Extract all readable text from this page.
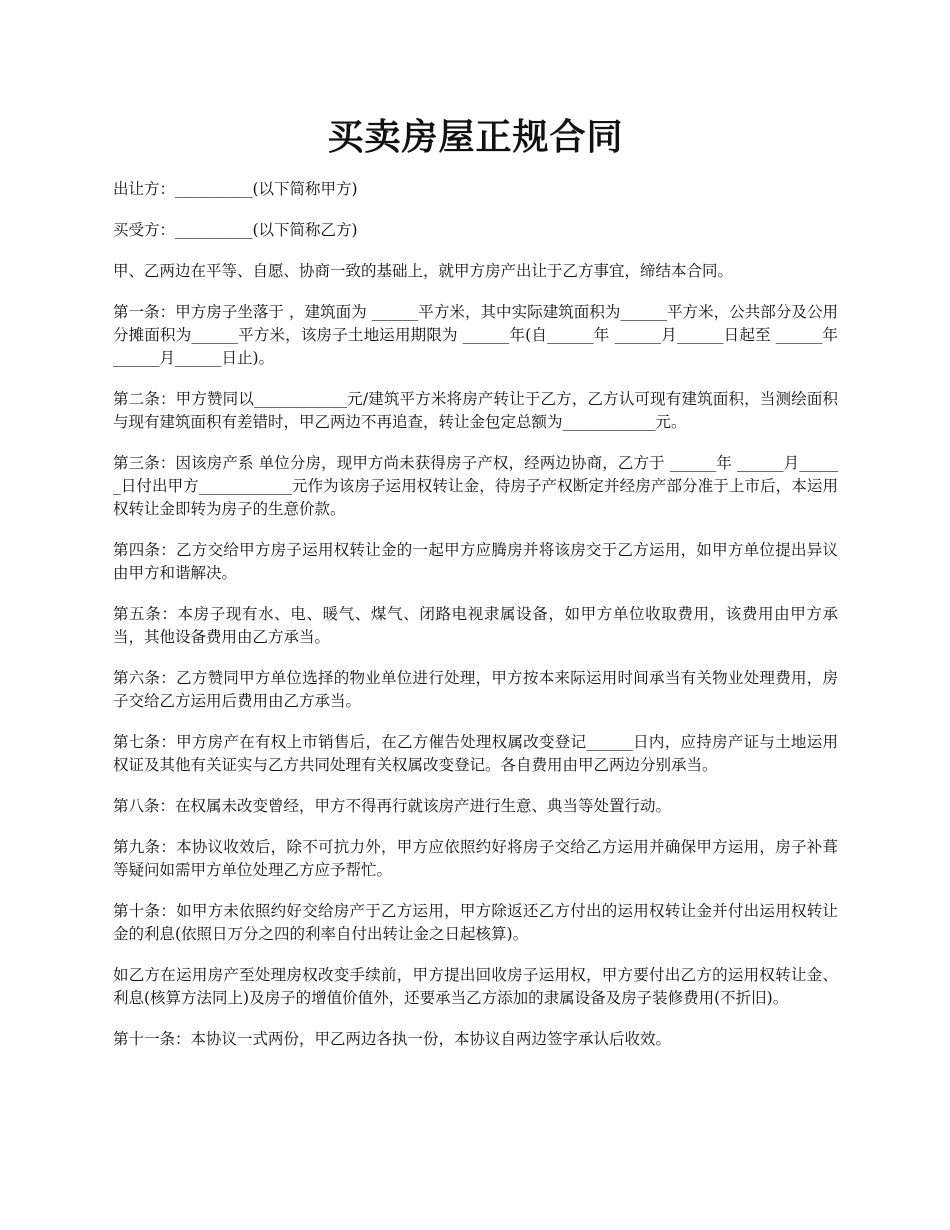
买卖房屋正规合同

出让方：__________(以下简称甲方)

买受方：__________(以下简称乙方)

甲、乙两边在平等、自愿、协商一致的基础上，就甲方房产出让于乙方事宜，缔结本合同。

第一条：甲方房子坐落于 ，建筑面为 ______平方米，其中实际建筑面积为______平方米，公共部分及公用分摊面积为______平方米，该房子土地运用期限为 ______年(自______年 ______月______日起至 ______年 ______月______日止)。

第二条：甲方赞同以____________元/建筑平方米将房产转让于乙方，乙方认可现有建筑面积，当测绘面积与现有建筑面积有差错时，甲乙两边不再追查，转让金包定总额为____________元。

第三条：因该房产系 单位分房，现甲方尚未获得房子产权，经两边协商，乙方于 ______年 ______月______日付出甲方____________元作为该房子运用权转让金，待房子产权断定并经房产部分准于上市后，本运用权转让金即转为房子的生意价款。

第四条：乙方交给甲方房子运用权转让金的一起甲方应腾房并将该房交于乙方运用，如甲方单位提出异议由甲方和谐解决。

第五条：本房子现有水、电、暖气、煤气、闭路电视隶属设备，如甲方单位收取费用，该费用由甲方承当，其他设备费用由乙方承当。

第六条：乙方赞同甲方单位选择的物业单位进行处理，甲方按本来际运用时间承当有关物业处理费用，房子交给乙方运用后费用由乙方承当。

第七条：甲方房产在有权上市销售后，在乙方催告处理权属改变登记______日内，应持房产证与土地运用权证及其他有关证实与乙方共同处理有关权属改变登记。各自费用由甲乙两边分别承当。

第八条：在权属未改变曾经，甲方不得再行就该房产进行生意、典当等处置行动。

第九条：本协议收效后，除不可抗力外，甲方应依照约好将房子交给乙方运用并确保甲方运用，房子补葺等疑问如需甲方单位处理乙方应予帮忙。

第十条：如甲方未依照约好交给房产于乙方运用，甲方除返还乙方付出的运用权转让金并付出运用权转让金的利息(依照日万分之四的利率自付出转让金之日起核算)。

如乙方在运用房产至处理房权改变手续前，甲方提出回收房子运用权，甲方要付出乙方的运用权转让金、利息(核算方法同上)及房子的增值价值外，还要承当乙方添加的隶属设备及房子装修费用(不折旧)。

第十一条：本协议一式两份，甲乙两边各执一份，本协议自两边签字承认后收效。
